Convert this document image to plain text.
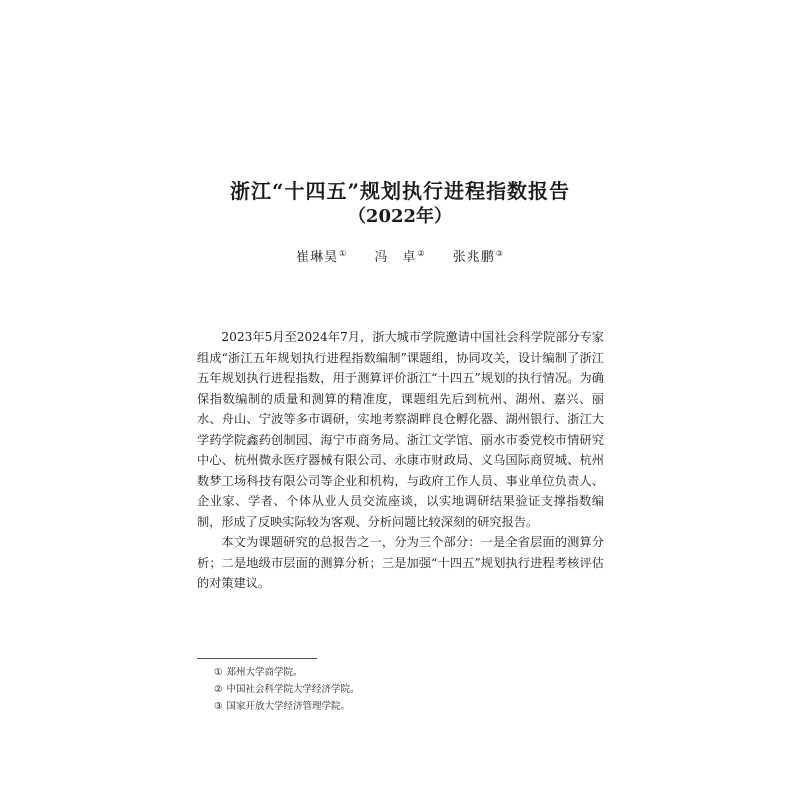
浙江“十四五”规划执行进程指数报告
（2022年）
崔琳昊① 冯　卓② 张兆鹏③

2023年5月至2024年7月，浙大城市学院邀请中国社会科学院部分专家组成“浙江五年规划执行进程指数编制”课题组，协同攻关，设计编制了浙江五年规划执行进程指数，用于测算评价浙江“十四五”规划的执行情况。为确保指数编制的质量和测算的精准度，课题组先后到杭州、湖州、嘉兴、丽水、舟山、宁波等多市调研，实地考察湖畔良仓孵化器、湖州银行、浙江大学药学院鑫药创制园、海宁市商务局、浙江文学馆、丽水市委党校市情研究中心、杭州微永医疗器械有限公司、永康市财政局、义乌国际商贸城、杭州数梦工场科技有限公司等企业和机构，与政府工作人员、事业单位负责人、企业家、学者、个体从业人员交流座谈，以实地调研结果验证支撑指数编制，形成了反映实际较为客观、分析问题比较深刻的研究报告。

本文为课题研究的总报告之一，分为三个部分：一是全省层面的测算分析；二是地级市层面的测算分析；三是加强“十四五”规划执行进程考核评估的对策建议。

① 郑州大学商学院。
② 中国社会科学院大学经济学院。
③ 国家开放大学经济管理学院。
